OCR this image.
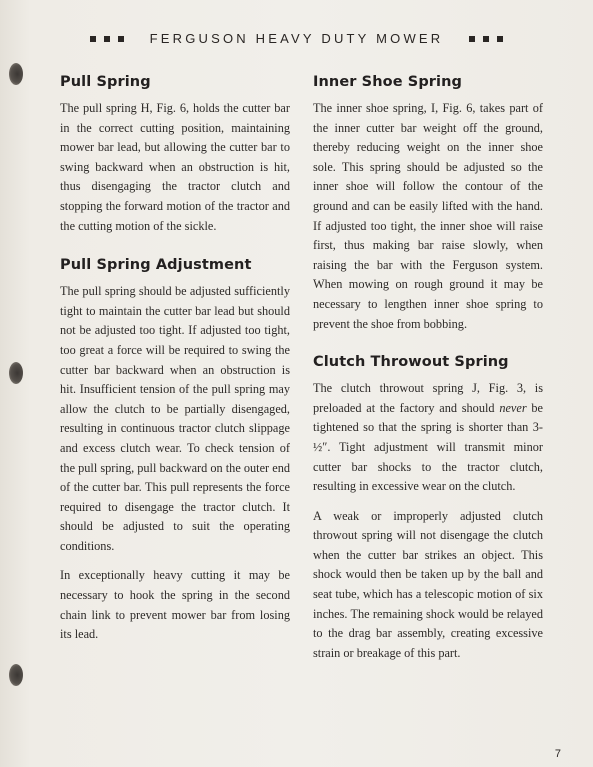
FERGUSON HEAVY DUTY MOWER
Pull Spring

The pull spring H, Fig. 6, holds the cutter bar in the correct cutting position, maintaining mower bar lead, but allowing the cutter bar to swing backward when an obstruction is hit, thus disengaging the tractor clutch and stopping the forward motion of the tractor and the cutting motion of the sickle.

Pull Spring Adjustment

The pull spring should be adjusted sufficiently tight to maintain the cutter bar lead but should not be adjusted too tight. If adjusted too tight, too great a force will be required to swing the cutter bar backward when an obstruction is hit. Insufficient tension of the pull spring may allow the clutch to be partially disengaged, resulting in continuous tractor clutch slippage and excess clutch wear. To check tension of the pull spring, pull backward on the outer end of the cutter bar. This pull represents the force required to disengage the tractor clutch. It should be adjusted to suit the operating conditions.

In exceptionally heavy cutting it may be necessary to hook the spring in the second chain link to prevent mower bar from losing its lead.

Inner Shoe Spring

The inner shoe spring, I, Fig. 6, takes part of the inner cutter bar weight off the ground, thereby reducing weight on the inner shoe sole. This spring should be adjusted so the inner shoe will follow the contour of the ground and can be easily lifted with the hand. If adjusted too tight, the inner shoe will raise first, thus making bar raise slowly, when raising the bar with the Ferguson system. When mowing on rough ground it may be necessary to lengthen inner shoe spring to prevent the shoe from bobbing.

Clutch Throwout Spring

The clutch throwout spring J, Fig. 3, is preloaded at the factory and should never be tightened so that the spring is shorter than 3-½″. Tight adjustment will transmit minor cutter bar shocks to the tractor clutch, resulting in excessive wear on the clutch.

A weak or improperly adjusted clutch throwout spring will not disengage the clutch when the cutter bar strikes an object. This shock would then be taken up by the ball and seat tube, which has a telescopic motion of six inches. The remaining shock would be relayed to the drag bar assembly, creating excessive strain or breakage of this part.

7
